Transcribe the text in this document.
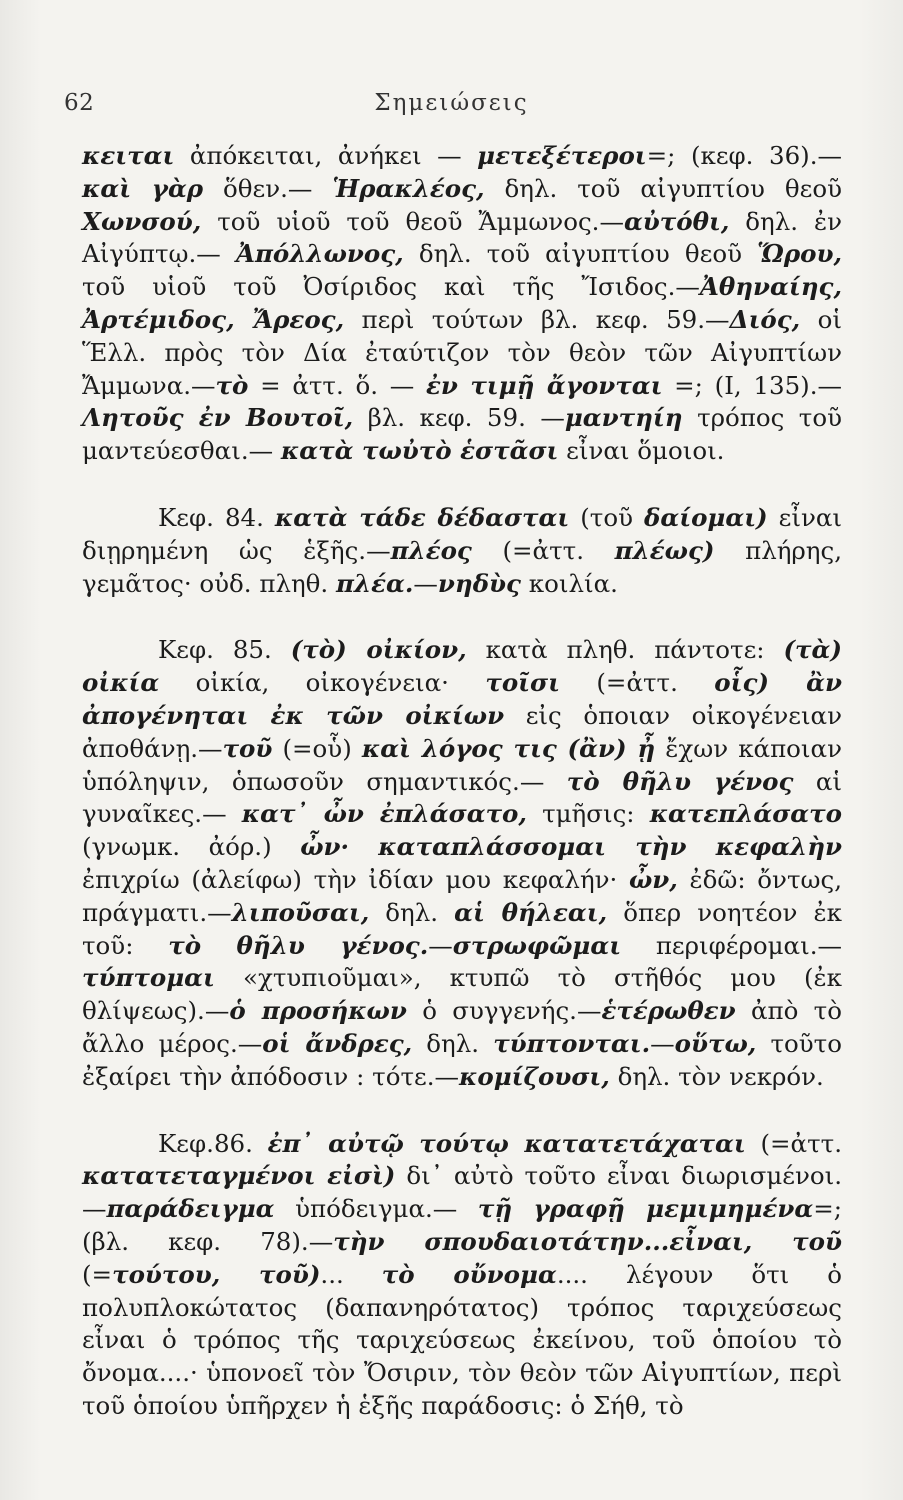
62	Σημειώσεις

κειται ἀπόκειται, ἀνήκει — μετεξέτεροι=; (κεφ. 36).—καὶ γὰρ ὅθεν.— Ἡρακλέος, δηλ. τοῦ αἰγυπτίου θεοῦ Χωνσού, τοῦ υἱοῦ τοῦ θεοῦ Ἄμμωνος.—αὐτόθι, δηλ. ἐν Αἰγύπτῳ.— Ἀπόλλωνος, δηλ. τοῦ αἰγυπτίου θεοῦ Ὥρου, τοῦ υἱοῦ τοῦ Ὀσίριδος καὶ τῆς Ἴσιδος.—Ἀθηναίης, Ἀρτέμιδος, Ἄρεος, περὶ τούτων βλ. κεφ. 59.—Διός, οἱ Ἕλλ. πρὸς τὸν Δία ἐταύτιζον τὸν θεὸν τῶν Αἰγυπτίων Ἄμμωνα.—τὸ = ἀττ. ὅ. — ἐν τιμῇ ἄγονται =; (Ι, 135).—Λητοῦς ἐν Βουτοῖ, βλ. κεφ. 59. —μαντηίη τρόπος τοῦ μαντεύεσθαι.— κατὰ τωὐτὸ ἑστᾶσι εἶναι ὅμοιοι.

Κεφ. 84. κατὰ τάδε δέδασται (τοῦ δαίομαι) εἶναι διῃρημένη ὡς ἑξῆς.—πλέος (=ἀττ. πλέως) πλήρης, γεμᾶτος· οὐδ. πληθ. πλέα.—νηδὺς κοιλία.

Κεφ. 85. (τὸ) οἰκίον, κατὰ πληθ. πάντοτε: (τὰ) οἰκία οἰκία, οἰκογένεια· τοῖσι (=ἀττ. οἷς) ἂν ἀπογένηται ἐκ τῶν οἰκίων εἰς ὁποιαν οἰκογένειαν ἀποθάνῃ.—τοῦ (=οὗ) καὶ λόγος τις (ἂν) ᾖ ἔχων κάποιαν ὑπόληψιν, ὁπωσοῦν σημαντικός.— τὸ θῆλυ γένος αἱ γυναῖκες.— κατ᾽ ὦν ἐπλάσατο, τμῆσις: κατεπλάσατο (γνωμκ. ἀόρ.) ὦν· καταπλάσσομαι τὴν κεφαλὴν ἐπιχρίω (ἀλείφω) τὴν ἰδίαν μου κεφαλήν· ὦν, ἐδῶ: ὄντως, πράγματι.—λιποῦσαι, δηλ. αἱ θήλεαι, ὅπερ νοητέον ἐκ τοῦ: τὸ θῆλυ γένος.—στρωφῶμαι περιφέρομαι.—τύπτομαι «χτυπιοῦμαι», κτυπῶ τὸ στῆθός μου (ἐκ θλίψεως).—ὁ προσήκων ὁ συγγενής.—ἑτέρωθεν ἀπὸ τὸ ἄλλο μέρος.—οἱ ἄνδρες, δηλ. τύπτονται.—οὕτω, τοῦτο ἐξαίρει τὴν ἀπόδοσιν : τότε.—κομίζουσι, δηλ. τὸν νεκρόν.

Κεφ.86. ἐπ᾽ αὐτῷ τούτῳ κατατετάχαται (=ἀττ. κατατεταγμένοι εἰσὶ) δι᾽ αὐτὸ τοῦτο εἶναι διωρισμένοι.—παράδειγμα ὑπόδειγμα.— τῇ γραφῇ μεμιμημένα=; (βλ. κεφ. 78).—τὴν σπουδαιοτάτην...εἶναι, τοῦ (=τούτου, τοῦ)... τὸ οὔνομα.... λέγουν ὅτι ὁ πολυπλοκώτατος (δαπανηρότατος) τρόπος ταριχεύσεως εἶναι ὁ τρόπος τῆς ταριχεύσεως ἐκείνου, τοῦ ὁποίου τὸ ὄνομα....· ὑπονοεῖ τὸν Ὄσιριν, τὸν θεὸν τῶν Αἰγυπτίων, περὶ τοῦ ὁποίου ὑπῆρχεν ἡ ἑξῆς παράδοσις: ὁ Σήθ, τὸ
